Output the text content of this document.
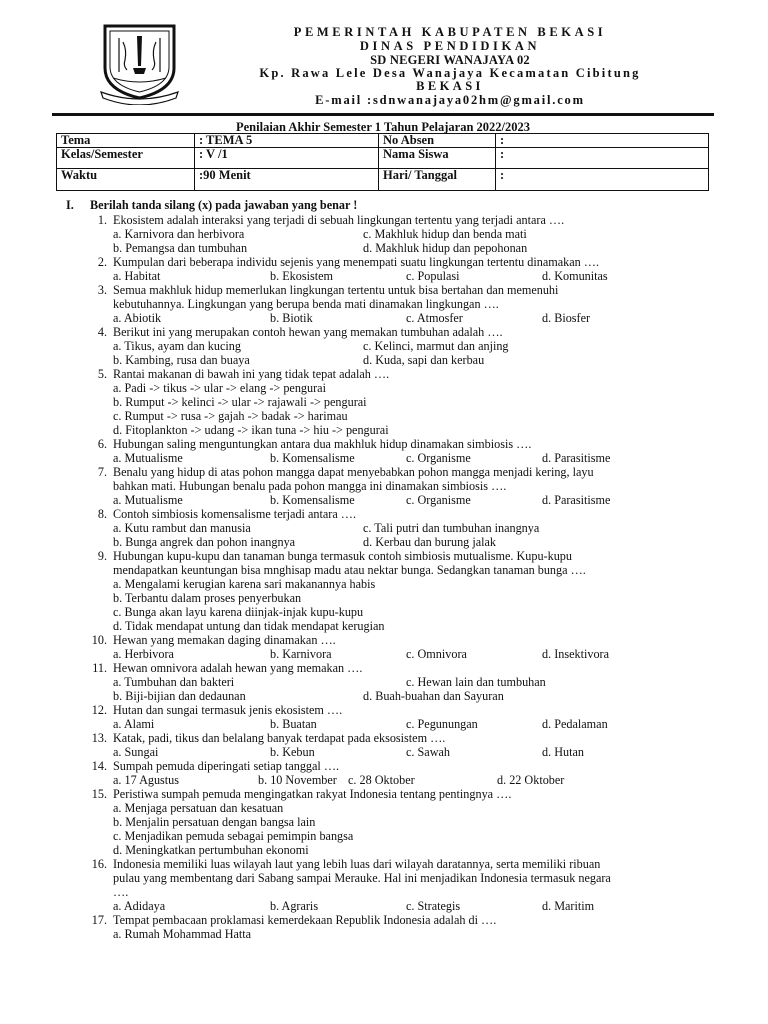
PEMERINTAH KABUPATEN BEKASI
DINAS PENDIDIKAN
SD NEGERI WANAJAYA 02
Kp. Rawa Lele Desa Wanajaya Kecamatan Cibitung
BEKASI
E-mail :sdnwanajaya02hm@gmail.com
Penilaian Akhir Semester 1 Tahun Pelajaran 2022/2023
Tema	: TEMA 5	No Absen	:
Kelas/Semester	: V /1	Nama Siswa	:
Waktu	:90 Menit	Hari/ Tanggal	:
I. Berilah tanda silang (x) pada jawaban yang benar !
1. Ekosistem adalah interaksi yang terjadi di sebuah lingkungan tertentu yang terjadi antara ….
a. Karnivora dan herbivora	c. Makhluk hidup dan benda mati
b. Pemangsa dan tumbuhan	d. Makhluk hidup dan pepohonan
2. Kumpulan dari beberapa individu sejenis yang menempati suatu lingkungan tertentu dinamakan ….
a. Habitat	b. Ekosistem	c. Populasi	d. Komunitas
3. Semua makhluk hidup memerlukan lingkungan tertentu untuk bisa bertahan dan memenuhi
kebutuhannya. Lingkungan yang berupa benda mati dinamakan lingkungan ….
a. Abiotik	b. Biotik	c. Atmosfer	d. Biosfer
4. Berikut ini yang merupakan contoh hewan yang memakan tumbuhan adalah ….
a. Tikus, ayam dan kucing	c. Kelinci, marmut dan anjing
b. Kambing, rusa dan buaya	d. Kuda, sapi dan kerbau
5. Rantai makanan di bawah ini yang tidak tepat adalah ….
a. Padi -> tikus -> ular -> elang -> pengurai
b. Rumput -> kelinci -> ular -> rajawali -> pengurai
c. Rumput -> rusa -> gajah -> badak -> harimau
d. Fitoplankton -> udang -> ikan tuna -> hiu -> pengurai
6. Hubungan saling menguntungkan antara dua makhluk hidup dinamakan simbiosis ….
a. Mutualisme	b. Komensalisme	c. Organisme	d. Parasitisme
7. Benalu yang hidup di atas pohon mangga dapat menyebabkan pohon mangga menjadi kering, layu
bahkan mati. Hubungan benalu pada pohon mangga ini dinamakan simbiosis ….
a. Mutualisme	b. Komensalisme	c. Organisme	d. Parasitisme
8. Contoh simbiosis komensalisme terjadi antara ….
a. Kutu rambut dan manusia	c. Tali putri dan tumbuhan inangnya
b. Bunga angrek dan pohon inangnya	d. Kerbau dan burung jalak
9. Hubungan kupu-kupu dan tanaman bunga termasuk contoh simbiosis mutualisme. Kupu-kupu
mendapatkan keuntungan bisa mnghisap madu atau nektar bunga. Sedangkan tanaman bunga ….
a. Mengalami kerugian karena sari makanannya habis
b. Terbantu dalam proses penyerbukan
c. Bunga akan layu karena diinjak-injak kupu-kupu
d. Tidak mendapat untung dan tidak mendapat kerugian
10. Hewan yang memakan daging dinamakan ….
a. Herbivora	b. Karnivora	c. Omnivora	d. Insektivora
11. Hewan omnivora adalah hewan yang memakan ….
a. Tumbuhan dan bakteri	c. Hewan lain dan tumbuhan
b. Biji-bijian dan dedaunan	d. Buah-buahan dan Sayuran
12. Hutan dan sungai termasuk jenis ekosistem ….
a. Alami	b. Buatan	c. Pegunungan	d. Pedalaman
13. Katak, padi, tikus dan belalang banyak terdapat pada eksosistem ….
a. Sungai	b. Kebun	c. Sawah	d. Hutan
14. Sumpah pemuda diperingati setiap tanggal ….
a. 17 Agustus	b. 10 November c. 28 Oktober	d. 22 Oktober
15. Peristiwa sumpah pemuda mengingatkan rakyat Indonesia tentang pentingnya ….
a. Menjaga persatuan dan kesatuan
b. Menjalin persatuan dengan bangsa lain
c. Menjadikan pemuda sebagai pemimpin bangsa
d. Meningkatkan pertumbuhan ekonomi
16. Indonesia memiliki luas wilayah laut yang lebih luas dari wilayah daratannya, serta memiliki ribuan
pulau yang membentang dari Sabang sampai Merauke. Hal ini menjadikan Indonesia termasuk negara
….
a. Adidaya	b. Agraris	c. Strategis	d. Maritim
17. Tempat pembacaan proklamasi kemerdekaan Republik Indonesia adalah di ….
a. Rumah Mohammad Hatta
